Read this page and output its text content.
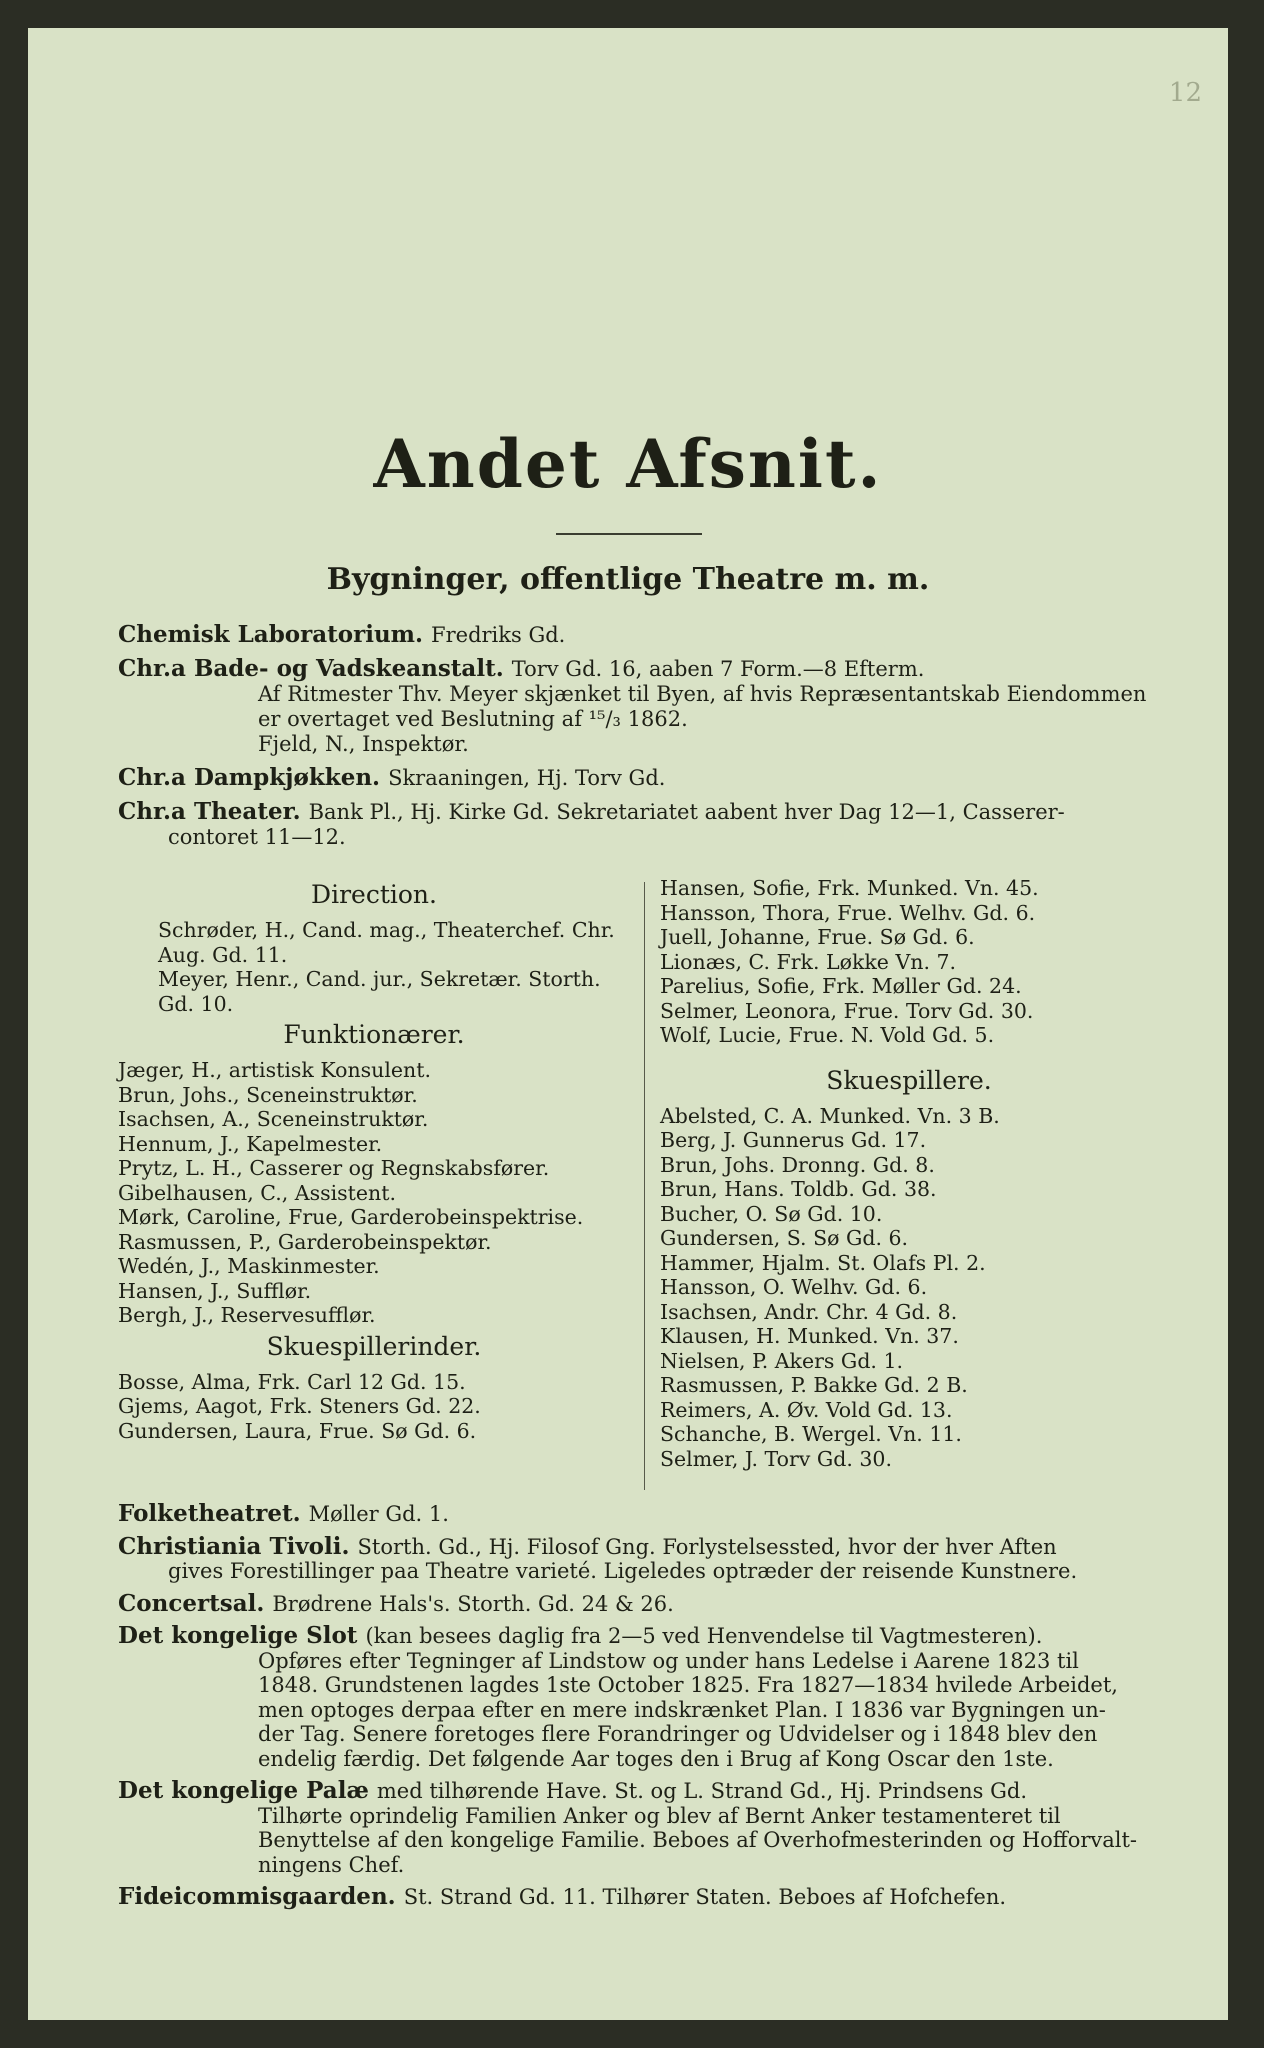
12
Andet Afsnit.
Bygninger, offentlige Theatre m. m.
Chemisk Laboratorium. Fredriks Gd.
Chr.a Bade- og Vadskeanstalt. Torv Gd. 16, aaben 7 Form.—8 Efterm.
Af Ritmester Thv. Meyer skjænket til Byen, af hvis Repræsentantskab Eiendommen
er overtaget ved Beslutning af ¹⁵/₃ 1862.
Fjeld, N., Inspektør.
Chr.a Dampkjøkken. Skraaningen, Hj. Torv Gd.
Chr.a Theater. Bank Pl., Hj. Kirke Gd. Sekretariatet aabent hver Dag 12—1, Casserer-
contoret 11—12.
Direction.
Schrøder, H., Cand. mag., Theaterchef. Chr. Aug. Gd. 11.
Meyer, Henr., Cand. jur., Sekretær. Storth. Gd. 10.
Funktionærer.
Jæger, H., artistisk Konsulent.
Brun, Johs., Sceneinstruktør.
Isachsen, A., Sceneinstruktør.
Hennum, J., Kapelmester.
Prytz, L. H., Casserer og Regnskabsfører.
Gibelhausen, C., Assistent.
Mørk, Caroline, Frue, Garderobeinspektrise.
Rasmussen, P., Garderobeinspektør.
Wedén, J., Maskinmester.
Hansen, J., Sufflør.
Bergh, J., Reservesufflør.
Skuespillerinder.
Bosse, Alma, Frk. Carl 12 Gd. 15.
Gjems, Aagot, Frk. Steners Gd. 22.
Gundersen, Laura, Frue. Sø Gd. 6.
Hansen, Sofie, Frk. Munked. Vn. 45.
Hansson, Thora, Frue. Welhv. Gd. 6.
Juell, Johanne, Frue. Sø Gd. 6.
Lionæs, C. Frk. Løkke Vn. 7.
Parelius, Sofie, Frk. Møller Gd. 24.
Selmer, Leonora, Frue. Torv Gd. 30.
Wolf, Lucie, Frue. N. Vold Gd. 5.
Skuespillere.
Abelsted, C. A. Munked. Vn. 3 B.
Berg, J. Gunnerus Gd. 17.
Brun, Johs. Dronng. Gd. 8.
Brun, Hans. Toldb. Gd. 38.
Bucher, O. Sø Gd. 10.
Gundersen, S. Sø Gd. 6.
Hammer, Hjalm. St. Olafs Pl. 2.
Hansson, O. Welhv. Gd. 6.
Isachsen, Andr. Chr. 4 Gd. 8.
Klausen, H. Munked. Vn. 37.
Nielsen, P. Akers Gd. 1.
Rasmussen, P. Bakke Gd. 2 B.
Reimers, A. Øv. Vold Gd. 13.
Schanche, B. Wergel. Vn. 11.
Selmer, J. Torv Gd. 30.
Folketheatret. Møller Gd. 1.
Christiania Tivoli. Storth. Gd., Hj. Filosof Gng. Forlystelsessted, hvor der hver Aften
gives Forestillinger paa Theatre varieté. Ligeledes optræder der reisende Kunstnere.
Concertsal. Brødrene Hals's. Storth. Gd. 24 & 26.
Det kongelige Slot (kan besees daglig fra 2—5 ved Henvendelse til Vagtmesteren).
Opføres efter Tegninger af Lindstow og under hans Ledelse i Aarene 1823 til
1848. Grundstenen lagdes 1ste October 1825. Fra 1827—1834 hvilede Arbeidet,
men optoges derpaa efter en mere indskrænket Plan. I 1836 var Bygningen un-
der Tag. Senere foretoges flere Forandringer og Udvidelser og i 1848 blev den
endelig færdig. Det følgende Aar toges den i Brug af Kong Oscar den 1ste.
Det kongelige Palæ med tilhørende Have. St. og L. Strand Gd., Hj. Prindsens Gd.
Tilhørte oprindelig Familien Anker og blev af Bernt Anker testamenteret til
Benyttelse af den kongelige Familie. Beboes af Overhofmesterinden og Hofforvalt-
ningens Chef.
Fideicommisgaarden. St. Strand Gd. 11. Tilhører Staten. Beboes af Hofchefen.
